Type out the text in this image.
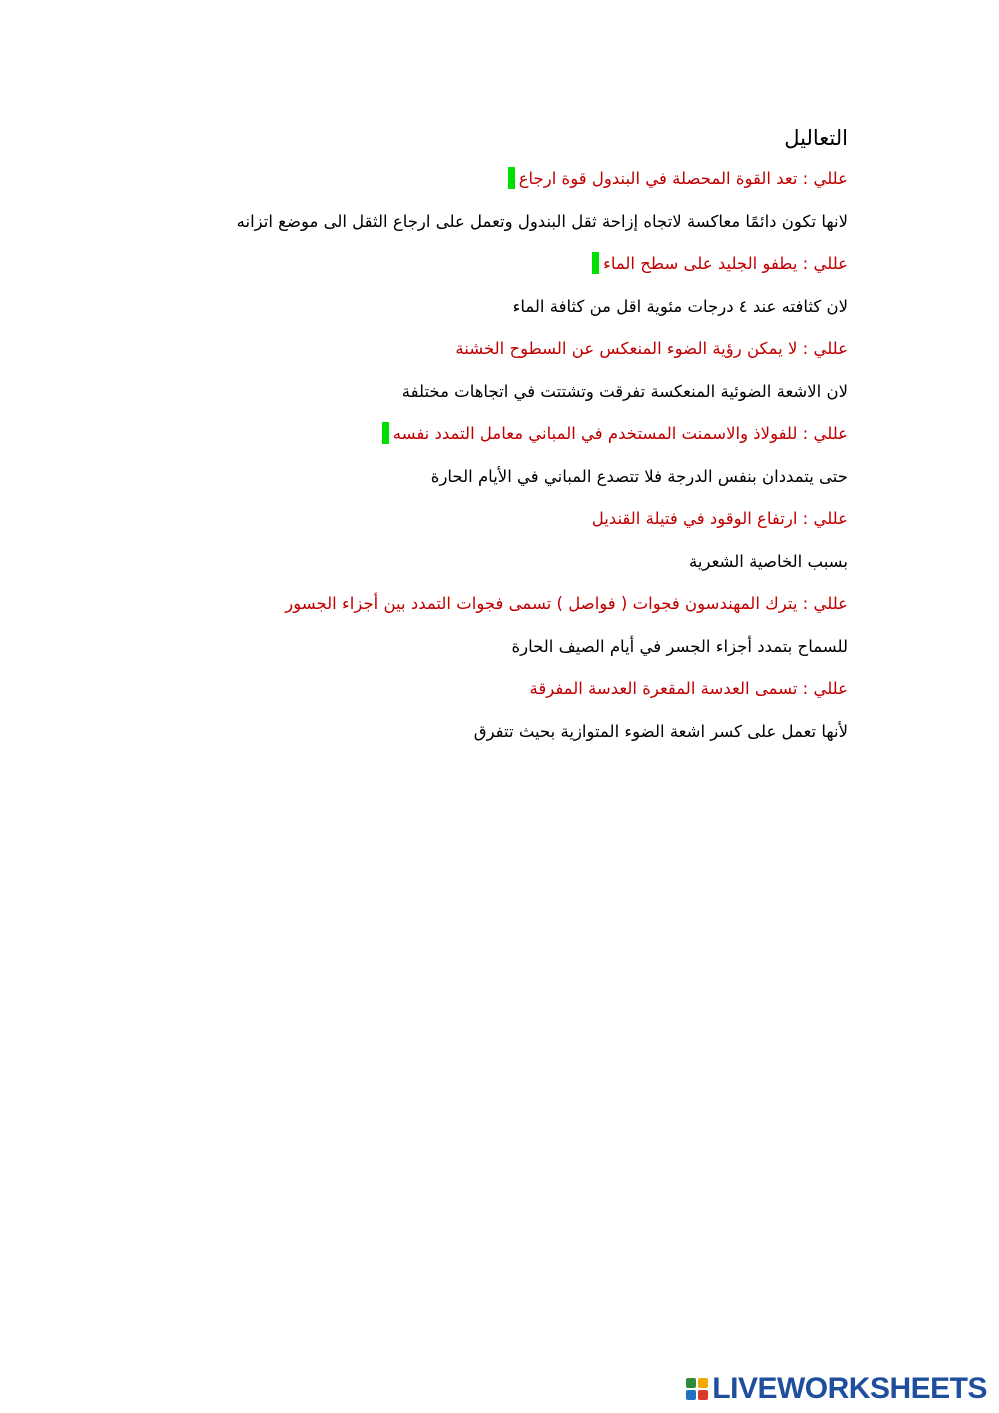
التعاليل
عللي : تعد القوة المحصلة في البندول قوة ارجاع
لانها تكون دائمًا معاكسة لاتجاه إزاحة ثقل البندول وتعمل على ارجاع الثقل الى موضع اتزانه
عللي : يطفو الجليد على سطح الماء
لان كثافته عند ٤ درجات مئوية اقل من كثافة الماء
عللي : لا يمكن رؤية الضوء المنعكس عن السطوح الخشنة
لان الاشعة الضوئية المنعكسة تفرقت وتشتتت في اتجاهات مختلفة
عللي : للفولاذ والاسمنت المستخدم في المباني معامل التمدد نفسه
حتى يتمددان بنفس الدرجة فلا تتصدع المباني في الأيام الحارة
عللي : ارتفاع الوقود في فتيلة القنديل
بسبب الخاصية الشعرية
عللي : يترك المهندسون فجوات ( فواصل ) تسمى فجوات التمدد بين أجزاء الجسور
للسماح بتمدد أجزاء الجسر في أيام الصيف الحارة
عللي : تسمى العدسة المقعرة العدسة المفرقة
لأنها تعمل على كسر اشعة الضوء المتوازية بحيث تتفرق
LIVEWORKSHEETS
